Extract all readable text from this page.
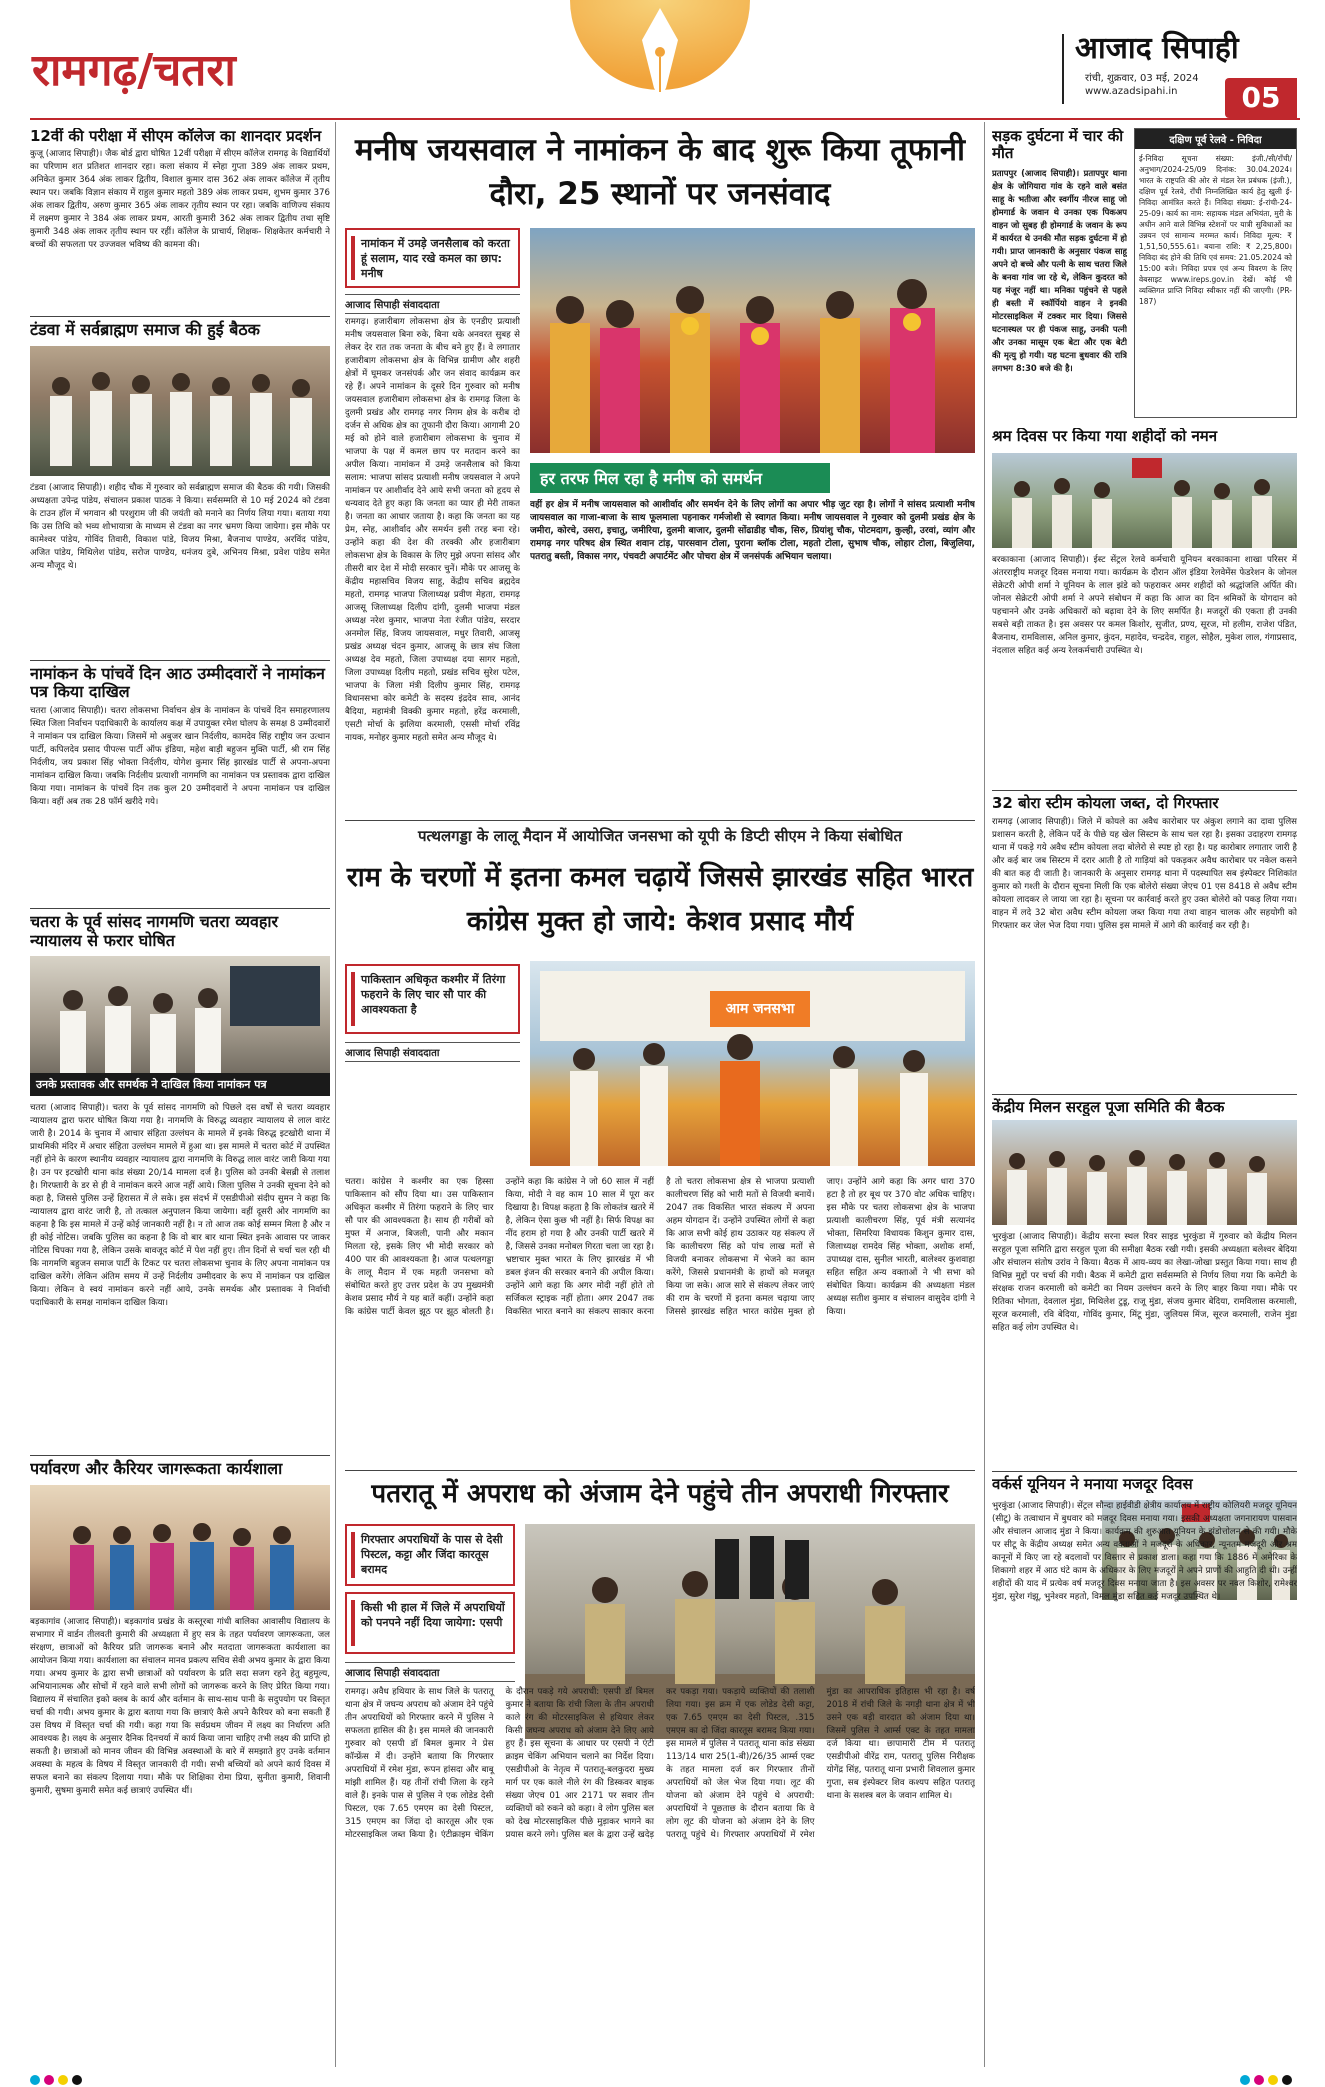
रामगढ़/चतरा	आजाद सिपाही
रांची, शुक्रवार, 03 मई, 2024
www.azadsipahi.in	05
12वीं की परीक्षा में सीएम कॉलेज का शानदार प्रदर्शन
कुजू (आजाद सिपाही)। जैक बोर्ड द्वारा घोषित 12वीं परीक्षा में सीएम कॉलेज रामगढ़ के विद्यार्थियों का परिणाम शत प्रतिशत शानदार रहा। कला संकाय में स्नेहा गुप्ता 389 अंक लाकर प्रथम, अनिकेत कुमार 364 अंक लाकर द्वितीय, विशाल कुमार दास 362 अंक लाकर कॉलेज में तृतीय स्थान पर। जबकि विज्ञान संकाय में राहुल कुमार महतो 389 अंक लाकर प्रथम, शुभम कुमार 376 अंक लाकर द्वितीय, अरुण कुमार 365 अंक लाकर तृतीय स्थान पर रहा। जबकि वाणिज्य संकाय में लक्ष्मण कुमार ने 384 अंक लाकर प्रथम, आरती कुमारी 362 अंक लाकर द्वितीय तथा सृष्टि कुमारी 348 अंक लाकर तृतीय स्थान पर रहीं। कॉलेज के प्राचार्य, शिक्षक- शिक्षकेतर कर्मचारी ने बच्चों की सफलता पर उज्जवल भविष्य की कामना की।
टंडवा में सर्वब्राह्मण समाज की हुई बैठक
टंडवा (आजाद सिपाही)। शहीद चौक में गुरुवार को सर्वब्राह्मण समाज की बैठक की गयी। जिसकी अध्यक्षता उपेन्द्र पांडेय, संचालन प्रकाश पाठक ने किया। सर्वसम्मति से 10 मई 2024 को टंडवा के टाउन हॉल में भगवान श्री परशुराम जी की जयंती को मनाने का निर्णय लिया गया। बताया गया कि उस तिथि को भव्य शोभायात्रा के माध्यम से टंडवा का नगर भ्रमण किया जायेगा। इस मौके पर कामेश्वर पांडेय, गोविंद तिवारी, विकाश पांडे, विजय मिश्रा, बैजनाथ पाण्डेय, अरविंद पांडेय, अजित पांडेय, मिथिलेश पांडेय, सरोज पाण्डेय, धनंजय दुबे, अभिनय मिश्रा, प्रवेश पांडेय समेत अन्य मौजूद थे।
नामांकन के पांचवें दिन आठ उम्मीदवारों ने नामांकन पत्र किया दाखिल
चतरा (आजाद सिपाही)। चतरा लोकसभा निर्वाचन क्षेत्र के नामांकन के पांचवें दिन समाहरणालय स्थित जिला निर्वाचन पदाधिकारी के कार्यालय कक्ष में उपायुक्त रमेश घोलप के समक्ष 8 उम्मीदवारों ने नामांकन पत्र दाखिल किया। जिसमें मो अबुजर खान निर्दलीय, कामदेव सिंह राष्ट्रीय जन उत्थान पार्टी, कपिलदेव प्रसाद पीपल्स पार्टी ऑफ इंडिया, महेश बाड़ी बहुजन मुक्ति पार्टी, श्री राम सिंह निर्दलीय, जय प्रकाश सिंह भोक्ता निर्दलीय, योगेश कुमार सिंह झारखंड पार्टी से अपना-अपना नामांकन दाखिल किया। जबकि निर्दलीय प्रत्याशी नागमणि का नामांकन पत्र प्रस्तावक द्वारा दाखिल किया गया। नामांकन के पांचवें दिन तक कुल 20 उम्मीदवारों ने अपना नामांकन पत्र दाखिल किया। वहीं अब तक 28 फॉर्म खरीदे गये।
चतरा के पूर्व सांसद नागमणि चतरा व्यवहार न्यायालय से फरार घोषित
उनके प्रस्तावक और समर्थक ने दाखिल किया नामांकन पत्र
चतरा (आजाद सिपाही)। चतरा के पूर्व सांसद नागमणि को पिछले दस वर्षों से चतरा व्यवहार न्यायालय द्वारा फरार घोषित किया गया है। नागमणि के विरुद्ध व्यवहार न्यायालय से लाल वारंट जारी है। 2014 के चुनाव में आचार संहिता उल्लंघन के मामले में इनके विरुद्ध इटखोरी थाना में प्राथमिकी मंदिर में अचार संहिता उल्लंघन मामले में हुआ था। इस मामले में चतरा कोर्ट में उपस्थित नहीं होने के कारण स्थानीय व्यवहार न्यायालय द्वारा नागमणि के विरुद्ध लाल वारंट जारी किया गया है। उन पर इटखोरी थाना कांड संख्या 20/14 मामला दर्ज है। पुलिस को उनकी बेसब्री से तलाश है। गिरफ्तारी के डर से ही वे नामांकन करने आज नहीं आये। जिला पुलिस ने उनकी सूचना देने को कहा है, जिससे पुलिस उन्हें हिरासत में ले सके। इस संदर्भ में एसडीपीओ संदीप सुमन ने कहा कि न्यायालय द्वारा वारंट जारी है, तो तत्काल अनुपालन किया जायेगा। वहीं दूसरी ओर नागमणि का कहना है कि इस मामले में उन्हें कोई जानकारी नहीं है। न तो आज तक कोई सम्मन मिला है और न ही कोई नोटिस। जबकि पुलिस का कहना है कि वो बार बार थाना स्थित इनके आवास पर जाकर नोटिस चिपका गया है, लेकिन उसके बावजूद कोर्ट में पेश नहीं हुए। तीन दिनों से चर्चा चल रही थी कि नागमणि बहुजन समाज पार्टी के टिकट पर चतरा लोकसभा चुनाव के लिए अपना नामांकन पत्र दाखिल करेंगे। लेकिन अंतिम समय में उन्हें निर्दलीय उम्मीदवार के रूप में नामांकन पत्र दाखिल किया। लेकिन वे स्वयं नामांकन करने नहीं आये, उनके समर्थक और प्रस्तावक ने निर्वाची पदाधिकारी के समक्ष नामांकन दाखिल किया।
पर्यावरण और कैरियर जागरूकता कार्यशाला
बड़कागांव (आजाद सिपाही)। बड़कागांव प्रखंड के कस्तूरबा गांधी बालिका आवासीय विद्यालय के सभागार में वार्डन तीलवती कुमारी की अध्यक्षता में हुए सत्र के तहत पर्यावरण जागरूकता, जल संरक्षण, छात्राओं को कैरियर प्रति जागरूक बनाने और मतदाता जागरूकता कार्यशाला का आयोजन किया गया। कार्यशाला का संचालन मानव प्रकल्प सचिव सेवी अभय कुमार के द्वारा किया गया। अभय कुमार के द्वारा सभी छात्राओं को पर्यावरण के प्रति सदा सजग रहने हेतु बहुमूल्य, अभियानात्मक और सोचों में रहने वाले सभी लोगों को जागरूक करने के लिए प्रेरित किया गया। विद्यालय में संचालित इको क्लब के कार्य और वर्तमान के साथ-साथ पानी के सदुपयोग पर विस्तृत चर्चा की गयी। अभय कुमार के द्वारा बताया गया कि छात्राएं कैसे अपने कैरियर को बना सकती हैं उस विषय में विस्तृत चर्चा की गयी। कहा गया कि सर्वप्रथम जीवन में लक्ष्य का निर्धारण अति आवश्यक है। लक्ष्य के अनुसार दैनिक दिनचर्या में कार्य किया जाना चाहिए तभी लक्ष्य की प्राप्ति हो सकती है। छात्राओं को मानव जीवन की विभिन्न अवस्थाओं के बारे में समझाते हुए उनके वर्तमान अवस्था के महत्व के विषय में विस्तृत जानकारी दी गयी। सभी बच्चियों को अपने कार्य दिवस में सफल बनाने का संकल्प दिलाया गया। मौके पर शिक्षिका रोमा प्रिया, सुनीता कुमारी, शिवानी कुमारी, सुषमा कुमारी समेत कई छात्राएं उपस्थित थीं।
मनीष जयसवाल ने नामांकन के बाद शुरू किया तूफानी दौरा, 25 स्थानों पर जनसंवाद
नामांकन में उमड़े जनसैलाब को करता हूं सलाम, याद रखे कमल का छाप: मनीष
आजाद सिपाही संवाददाता
रामगढ़। हजारीबाग लोकसभा क्षेत्र के एनडीए प्रत्याशी मनीष जयसवाल बिना रुके, बिना थके अनवरत सुबह से लेकर देर रात तक जनता के बीच बने हुए हैं। वे लगातार हजारीबाग लोकसभा क्षेत्र के विभिन्न ग्रामीण और शहरी क्षेत्रों में घूमकर जनसंपर्क और जन संवाद कार्यक्रम कर रहे हैं। अपने नामांकन के दूसरे दिन गुरुवार को मनीष जयसवाल हजारीबाग लोकसभा क्षेत्र के रामगढ़ जिला के दुलमी प्रखंड और रामगढ़ नगर निगम क्षेत्र के करीब दो दर्जन से अधिक क्षेत्र का तूफानी दौरा किया। आगामी 20 मई को होने वाले हजारीबाग लोकसभा के चुनाव में भाजपा के पक्ष में कमल छाप पर मतदान करने का अपील किया। नामांकन में उमड़े जनसैलाब को किया सलाम: भाजपा सांसद प्रत्याशी मनीष जयसवाल ने अपने नामांकन पर आशीर्वाद देने आये सभी जनता को हृदय से धन्यवाद देते हुए कहा कि जनता का प्यार ही मेरी ताकत है। जनता का आधार जताया है। कहा कि जनता का यह प्रेम, स्नेह, आशीर्वाद और समर्थन इसी तरह बना रहे। उन्होंने कहा की देश की तरक्की और हजारीबाग लोकसभा क्षेत्र के विकास के लिए मुझे अपना सांसद और तीसरी बार देश में मोदी सरकार चुनें। मौके पर आजसू के केंद्रीय महासचिव विजय साहू, केंद्रीय सचिव ब्रह्मदेव महतो, रामगढ़ भाजपा जिलाध्यक्ष प्रवीण मेहता, रामगढ़ आजसू जिलाध्यक्ष दिलीप दांगी, दुलमी भाजपा मंडल अध्यक्ष नरेश कुमार, भाजपा नेता रंजीत पांडेय, सरदार अनमोल सिंह, विजय जायसवाल, मधुर तिवारी, आजसू प्रखंड अध्यक्ष चंदन कुमार, आजसू के छात्र संघ जिला अध्यक्ष देव महतो, जिला उपाध्यक्ष दया सागर महतो, जिला उपाध्यक्ष दिलीप महतो, प्रखंड सचिव सुरेश पटेल, भाजपा के जिला मंत्री दिलीप कुमार सिंह, रामगढ़ विधानसभा कोर कमेटी के सदस्य इंद्रदेव साव, आनंद बैदिया, महामंत्री विक्की कुमार महतो, हरेंद्र करमाली, एसटी मोर्चा के झलिया करमाली, एससी मोर्चा रविंद्र नायक, मनोहर कुमार महतो समेत अन्य मौजूद थे।
हर तरफ मिल रहा है मनीष को समर्थन
वहीं हर क्षेत्र में मनीष जायसवाल को आशीर्वाद और समर्थन देने के लिए लोगों का अपार भीड़ जुट रहा है। लोगों ने सांसद प्रत्याशी मनीष जायसवाल का गाजा-बाजा के साथ फूलमाला पहनाकर गर्मजोशी से स्वागत किया। मनीष जायसवाल ने गुरुवार को दुलमी प्रखंड क्षेत्र के जमीरा, कोरचे, उसरा, इचातु, जमीरिया, दुलमी बाजार, दुलमी सोंढाडीह चौक, सिरु, प्रियांशु चौक, पोटमदाग, कुल्ही, उरवां, व्यांग और रामगढ़ नगर परिषद क्षेत्र स्थित शवान टांड़, पारसवान टोला, पुराना ब्लॉक टोला, महतो टोला, सुभाष चौक, लोहार टोला, बिजुलिया, पतरातु बस्ती, विकास नगर, पंचवटी अपार्टमेंट और पोचरा क्षेत्र में जनसंपर्क अभियान चलाया।
पत्थलगड्डा के लालू मैदान में आयोजित जनसभा को यूपी के डिप्टी सीएम ने किया संबोधित
राम के चरणों में इतना कमल चढ़ायें जिससे झारखंड सहित भारत कांग्रेस मुक्त हो जाये: केशव प्रसाद मौर्य
पाकिस्तान अधिकृत कश्मीर में तिरंगा फहराने के लिए चार सौ पार की आवश्यकता है
आजाद सिपाही संवाददाता
आम जनसभा
चतरा। कांग्रेस ने कश्मीर का एक हिस्सा पाकिस्तान को सौंप दिया था। उस पाकिस्तान अधिकृत कश्मीर में तिरंगा फहराने के लिए चार सौ पार की आवश्यकता है। साथ ही गरीबों को मुफ्त में अनाज, बिजली, पानी और मकान मिलता रहे, इसके लिए भी मोदी सरकार को 400 पार की आवश्यकता है। आज पत्थलगड्डा के लालू मैदान में एक महती जनसभा को संबोधित करते हुए उत्तर प्रदेश के उप मुख्यमंत्री केशव प्रसाद मौर्य ने यह बातें कहीं। उन्होंने कहा कि कांग्रेस पार्टी केवल झूठ पर झूठ बोलती है। उन्होंने कहा कि कांग्रेस ने जो 60 साल में नहीं किया, मोदी ने वह काम 10 साल में पूरा कर दिखाया है। विपक्ष कहता है कि लोकतंत्र खतरे में है, लेकिन ऐसा कुछ भी नहीं है। सिर्फ विपक्ष का नींद हराम हो गया है और उनकी पार्टी खतरे में है, जिससे उनका मनोबल गिरता चला जा रहा है। भ्रष्टाचार मुक्त भारत के लिए झारखंड में भी डबल इंजन की सरकार बनाने की अपील किया। उन्होंने आगे कहा कि अगर मोदी नहीं होते तो सर्जिकल स्ट्राइक नहीं होता। अगर 2047 तक विकसित भारत बनाने का संकल्प साकार करना है तो चतरा लोकसभा क्षेत्र से भाजपा प्रत्याशी कालीचरण सिंह को भारी मतों से विजयी बनायें। 2047 तक विकसित भारत संकल्प में अपना अहम योगदान दें। उन्होंने उपस्थित लोगों से कहा कि आज सभी कोई हाथ उठाकर यह संकल्प लें कि कालीचरण सिंह को पांच लाख मतों से विजयी बनाकर लोकसभा में भेजने का काम करेंगे, जिससे प्रधानमंत्री के हाथों को मजबूत किया जा सके। आज सारे से संकल्प लेकर जाएं की राम के चरणों में इतना कमल चढ़ाया जाए जिससे झारखंड सहित भारत कांग्रेस मुक्त हो जाए। उन्होंने आगे कहा कि अगर धारा 370 हटा है तो हर बूथ पर 370 वोट अधिक चाहिए। इस मौके पर चतरा लोकसभा क्षेत्र के भाजपा प्रत्याशी कालीचरण सिंह, पूर्व मंत्री सत्यानंद भोक्ता, सिमरिया विधायक किशुन कुमार दास, जिलाध्यक्ष रामदेव सिंह भोक्ता, अशोक शर्मा, उपाध्यक्ष दास, सुनील भारती, बालेश्वर कुशवाहा सहित सहित अन्य वक्ताओं ने भी सभा को संबोधित किया। कार्यक्रम की अध्यक्षता मंडल अध्यक्ष सतीश कुमार व संचालन वासुदेव दांगी ने किया।
पतरातू में अपराध को अंजाम देने पहुंचे तीन अपराधी गिरफ्तार
गिरफ्तार अपराधियों के पास से देसी पिस्टल, कट्टा और जिंदा कारतूस बरामद
किसी भी हाल में जिले में अपराधियों को पनपने नहीं दिया जायेगा: एसपी
आजाद सिपाही संवाददाता
रामगढ़। अवैध हथियार के साथ जिले के पतरातू थाना क्षेत्र में जघन्य अपराध को अंजाम देने पहुंचे तीन अपराधियों को गिरफ्तार करने में पुलिस ने सफलता हासिल की है। इस मामले की जानकारी गुरुवार को एसपी डॉ बिमल कुमार ने प्रेस कॉन्फ्रेंस में दी। उन्होंने बताया कि गिरफ्तार अपराधियों में रमेश मुंडा, रूपन हांसदा और बाबू मांझी शामिल हैं। यह तीनों रांची जिला के रहने वाले हैं। इनके पास से पुलिस ने एक लोडेड देसी पिस्टल, एक 7.65 एमएम का देसी पिस्टल, 315 एमएम का जिंदा दो कारतूस और एक मोटरसाइकिल जब्त किया है। एंटीक्राइम चेकिंग के दौरान पकड़े गये अपराधी: एसपी डॉ बिमल कुमार ने बताया कि रांची जिला के तीन अपराधी काले रंग की मोटरसाइकिल से हथियार लेकर किसी जघन्य अपराध को अंजाम देने लिए आये हुए हैं। इस सूचना के आधार पर एसपी ने एंटी क्राइम चेकिंग अभियान चलाने का निर्देश दिया। एसडीपीओ के नेतृत्व में पतरातू-बलकुदरा मुख्य मार्ग पर एक काले नीले रंग की डिस्कवर बाइक संख्या जेएच 01 आर 2171 पर सवार तीन व्यक्तियों को रुकने को कहा। वे लोग पुलिस बल को देख मोटरसाइकिल पीछे मुड़ाकर भागने का प्रयास करने लगे। पुलिस बल के द्वारा उन्हें खदेड़ कर पकड़ा गया। पकड़ाये व्यक्तियों की तलाशी लिया गया। इस क्रम में एक लोडेड देसी कट्टा, एक 7.65 एमएम का देसी पिस्टल, .315 एमएम का दो जिंदा कारतूस बरामद किया गया। इस मामले में पुलिस ने पतरातू थाना कांड संख्या 113/14 धारा 25(1-बी)/26/35 आर्म्स एक्ट के तहत मामला दर्ज कर गिरफ्तार तीनों अपराधियों को जेल भेज दिया गया। लूट की योजना को अंजाम देने पहुंचे थे अपराधी: अपराधियों ने पूछताछ के दौरान बताया कि वे लोग लूट की योजना को अंजाम देने के लिए पतरातू पहुंचे थे। गिरफ्तार अपराधियों में रमेश मुंडा का आपराधिक इतिहास भी रहा है। वर्ष 2018 में रांची जिले के नगड़ी थाना क्षेत्र में भी उसने एक बड़ी वारदात को अंजाम दिया था। जिसमें पुलिस ने आर्म्स एक्ट के तहत मामला दर्ज किया था। छापामारी टीम में पतरातू एसडीपीओ वीरेंद्र राम, पतरातू पुलिस निरीक्षक योगेंद्र सिंह, पतरातू थाना प्रभारी शिवलाल कुमार गुप्ता, सब इंस्पेक्टर शिव कश्यप सहित पतरातू थाना के सशस्त्र बल के जवान शामिल थे।
सड़क दुर्घटना में चार की मौत
प्रतापपुर (आजाद सिपाही)। प्रतापपुर थाना क्षेत्र के जोगियारा गांव के रहने वाले बसंत साहू के भतीजा और स्वर्गीय नीरज साहू जो होमगार्ड के जवान थे उनका एक पिकअप वाहन जो सुबह ही होमगार्ड के जवान के रूप में कार्यरत थे उनकी मौत सड़क दुर्घटना में हो गयी। प्राप्त जानकारी के अनुसार पंकज साहू अपने दो बच्चे और पत्नी के साथ चतरा जिले के बनवा गांव जा रहे थे, लेकिन कुदरत को यह मंजूर नहीं था। मनिका पहुंचने से पहले ही बस्ती में स्कॉर्पियो वाहन ने इनकी मोटरसाइकिल में टक्कर मार दिया। जिससे घटनास्थल पर ही पंकज साहू, उनकी पत्नी और उनका मासूम एक बेटा और एक बेटी की मृत्यु हो गयी। यह घटना बुधवार की रात्रि लगभग 8:30 बजे की है।
दक्षिण पूर्व रेलवे - निविदा
ई-निविदा सूचना संख्या: इंजी./सी/राँची/ अनुभाग/2024-25/09 दिनांक: 30.04.2024। भारत के राष्ट्रपति की ओर से मंडल रेल प्रबंधक (इंजी.), दक्षिण पूर्व रेलवे, राँची निम्नलिखित कार्य हेतु खुली ई-निविदा आमंत्रित करते हैं। निविदा संख्या: ई-रांची-24-25-09। कार्य का नाम: सहायक मंडल अभियंता, मुरी के अधीन आने वाले विभिन्न स्टेशनों पर यात्री सुविधाओं का उन्नयन एवं सामान्य मरम्मत कार्य। निविदा मूल्य: ₹ 1,51,50,555.61। बयाना राशि: ₹ 2,25,800। निविदा बंद होने की तिथि एवं समय: 21.05.2024 को 15:00 बजे। निविदा प्रपत्र एवं अन्य विवरण के लिए वेबसाइट www.ireps.gov.in देखें। कोई भी व्यक्तिगत प्राप्ति निविदा स्वीकार नहीं की जाएगी। (PR-187)
श्रम दिवस पर किया गया शहीदों को नमन
बरकाकाना (आजाद सिपाही)। ईस्ट सेंट्रल रेलवे कर्मचारी यूनियन बरकाकाना शाखा परिसर में अंतरराष्ट्रीय मजदूर दिवस मनाया गया। कार्यक्रम के दौरान ऑल इंडिया रेलवेमेंस फेडरेशन के जोनल सेक्रेटरी ओपी शर्मा ने यूनियन के लाल झंडे को फहराकर अमर शहीदों को श्रद्धांजलि अर्पित की। जोनल सेक्रेटरी ओपी शर्मा ने अपने संबोधन में कहा कि आज का दिन श्रमिकों के योगदान को पहचानने और उनके अधिकारों को बढ़ावा देने के लिए समर्पित है। मजदूरों की एकता ही उनकी सबसे बड़ी ताकत है। इस अवसर पर कमल किशोर, सुजीत, प्रण्य, सूरज, मो हलीम, राजेश पंडित, बैजनाथ, रामविलास, अनिल कुमार, कुंदन, महादेव, चन्द्रदेव, राहुल, सोहैल, मुकेश लाल, गंगाप्रसाद, नंदलाल सहित कई अन्य रेलकर्मचारी उपस्थित थे।
32 बोरा स्टीम कोयला जब्त, दो गिरफ्तार
रामगढ़ (आजाद सिपाही)। जिले में कोयले का अवैध कारोबार पर अंकुश लगाने का दावा पुलिस प्रशासन करती है, लेकिन पर्दे के पीछे यह खेल सिस्टम के साथ चल रहा है। इसका उदाहरण रामगढ़ थाना में पकड़े गये अवैध स्टीम कोयला लदा बोलेरो से स्पष्ट हो रहा है। यह कारोबार लगातार जारी है और कई बार जब सिस्टम में दरार आती है तो गाड़ियां को पकड़कर अवैध कारोबार पर नकेल कसने की बात कह दी जाती है। जानकारी के अनुसार रामगढ़ थाना में पदस्थापित सब इंस्पेक्टर निशिकांत कुमार को गश्ती के दौरान सूचना मिली कि एक बोलेरो संख्या जेएच 01 एस 8418 से अवैध स्टीम कोयला लादकर ले जाया जा रहा है। सूचना पर कार्रवाई करते हुए उक्त बोलेरो को पकड़ लिया गया। वाहन में लदे 32 बोरा अवैध स्टीम कोयला जब्त किया गया तथा वाहन चालक और सहयोगी को गिरफ्तार कर जेल भेज दिया गया। पुलिस इस मामले में आगे की कार्रवाई कर रही है।
केंद्रीय मिलन सरहुल पूजा समिति की बैठक
भुरकुंडा (आजाद सिपाही)। केंद्रीय सरना स्थल रिवर साइड भुरकुंडा में गुरुवार को केंद्रीय मिलन सरहुल पूजा समिति द्वारा सरहुल पूजा की समीक्षा बैठक रखी गयी। इसकी अध्यक्षता बलेश्वर बेदिया और संचालन संतोष उरांव ने किया। बैठक में आय-व्यय का लेखा-जोखा प्रस्तुत किया गया। साथ ही विभिन्न मुद्दों पर चर्चा की गयी। बैठक में कमेटी द्वारा सर्वसम्मति से निर्णय लिया गया कि कमेटी के संरक्षक राजन करमाली को कमेटी का नियम उल्लंघन करने के लिए बाहर किया गया। मौके पर रितिका भोगता, देवलाल मुंडा, मिथिलेश टुडू, राजू मुंडा, संजय कुमार बेदिया, रामविलास करमाली, सूरज करमाली, रवि बेदिया, गोविंद कुमार, मिंटू मुंडा, जुलियस मिंज, सूरज करमाली, राजेन मुंडा सहित कई लोग उपस्थित थे।
वर्कर्स यूनियन ने मनाया मजदूर दिवस
भुरकुंडा (आजाद सिपाही)। सेंट्रल सौन्दा हाईवीडी क्षेत्रीय कार्यालय में राष्ट्रीय कोलियरी मजदूर यूनियन (सीटू) के तत्वाधान में बुधवार को मजदूर दिवस मनाया गया। इसकी अध्यक्षता जगनारायण पासवान और संचालन आजाद मुंडा ने किया। कार्यक्रम की शुरुआत यूनियन के झंडोत्तोलन से की गयी। मौके पर सीटू के केंद्रीय अध्यक्ष समेत अन्य वक्ताओं ने मजदूरों के अधिकार, न्यूनतम मजदूरी और श्रम कानूनों में किए जा रहे बदलावों पर विस्तार से प्रकाश डाला। कहा गया कि 1886 में अमेरिका के शिकागो शहर में आठ घंटे काम के अधिकार के लिए मजदूरों ने अपने प्राणों की आहुति दी थी। उन्हीं शहीदों की याद में प्रत्येक वर्ष मजदूर दिवस मनाया जाता है। इस अवसर पर नवल किशोर, रामेश्वर मुंडा, सुरेश गंझू, भुनेश्वर महतो, विमल मुंडा सहित कई मजदूर उपस्थित थे।
